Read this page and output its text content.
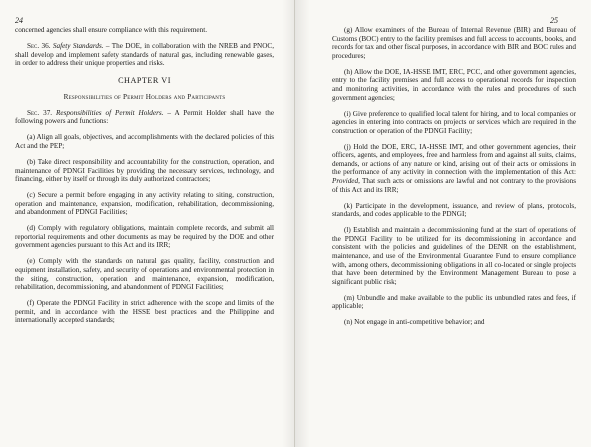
24

concerned agencies shall ensure compliance with this requirement.

Sec. 36. Safety Standards. – The DOE, in collaboration with the NREB and PNOC, shall develop and implement safety standards of natural gas, including renewable gases, in order to address their unique properties and risks.

CHAPTER VI
Responsibilities of Permit Holders and Participants

Sec. 37. Responsibilities of Permit Holders. – A Permit Holder shall have the following powers and functions:

(a) Align all goals, objectives, and accomplishments with the declared policies of this Act and the PEP;

(b) Take direct responsibility and accountability for the construction, operation, and maintenance of PDNGI Facilities by providing the necessary services, technology, and financing, either by itself or through its duly authorized contractors;

(c) Secure a permit before engaging in any activity relating to siting, construction, operation and maintenance, expansion, modification, rehabilitation, decommissioning, and abandonment of PDNGI Facilities;

(d) Comply with regulatory obligations, maintain complete records, and submit all reportorial requirements and other documents as may be required by the DOE and other government agencies pursuant to this Act and its IRR;

(e) Comply with the standards on natural gas quality, facility, construction and equipment installation, safety, and security of operations and environmental protection in the siting, construction, operation and maintenance, expansion, modification, rehabilitation, decommissioning, and abandonment of PDNGI Facilities;

(f) Operate the PDNGI Facility in strict adherence with the scope and limits of the permit, and in accordance with the HSSE best practices and the Philippine and internationally accepted standards;

25

(g) Allow examiners of the Bureau of Internal Revenue (BIR) and Bureau of Customs (BOC) entry to the facility premises and full access to accounts, books, and records for tax and other fiscal purposes, in accordance with BIR and BOC rules and procedures;

(h) Allow the DOE, IA-HSSE IMT, ERC, PCC, and other government agencies, entry to the facility premises and full access to operational records for inspection and monitoring activities, in accordance with the rules and procedures of such government agencies;

(i) Give preference to qualified local talent for hiring, and to local companies or agencies in entering into contracts on projects or services which are required in the construction or operation of the PDNGI Facility;

(j) Hold the DOE, ERC, IA-HSSE IMT, and other government agencies, their officers, agents, and employees, free and harmless from and against all suits, claims, demands, or actions of any nature or kind, arising out of their acts or omissions in the performance of any activity in connection with the implementation of this Act: Provided, That such acts or omissions are lawful and not contrary to the provisions of this Act and its IRR;

(k) Participate in the development, issuance, and review of plans, protocols, standards, and codes applicable to the PDNGI;

(l) Establish and maintain a decommissioning fund at the start of operations of the PDNGI Facility to be utilized for its decommissioning in accordance and consistent with the policies and guidelines of the DENR on the establishment, maintenance, and use of the Environmental Guarantee Fund to ensure compliance with, among others, decommissioning obligations in all co-located or single projects that have been determined by the Environment Management Bureau to pose a significant public risk;

(m) Unbundle and make available to the public its unbundled rates and fees, if applicable;

(n) Not engage in anti-competitive behavior; and
